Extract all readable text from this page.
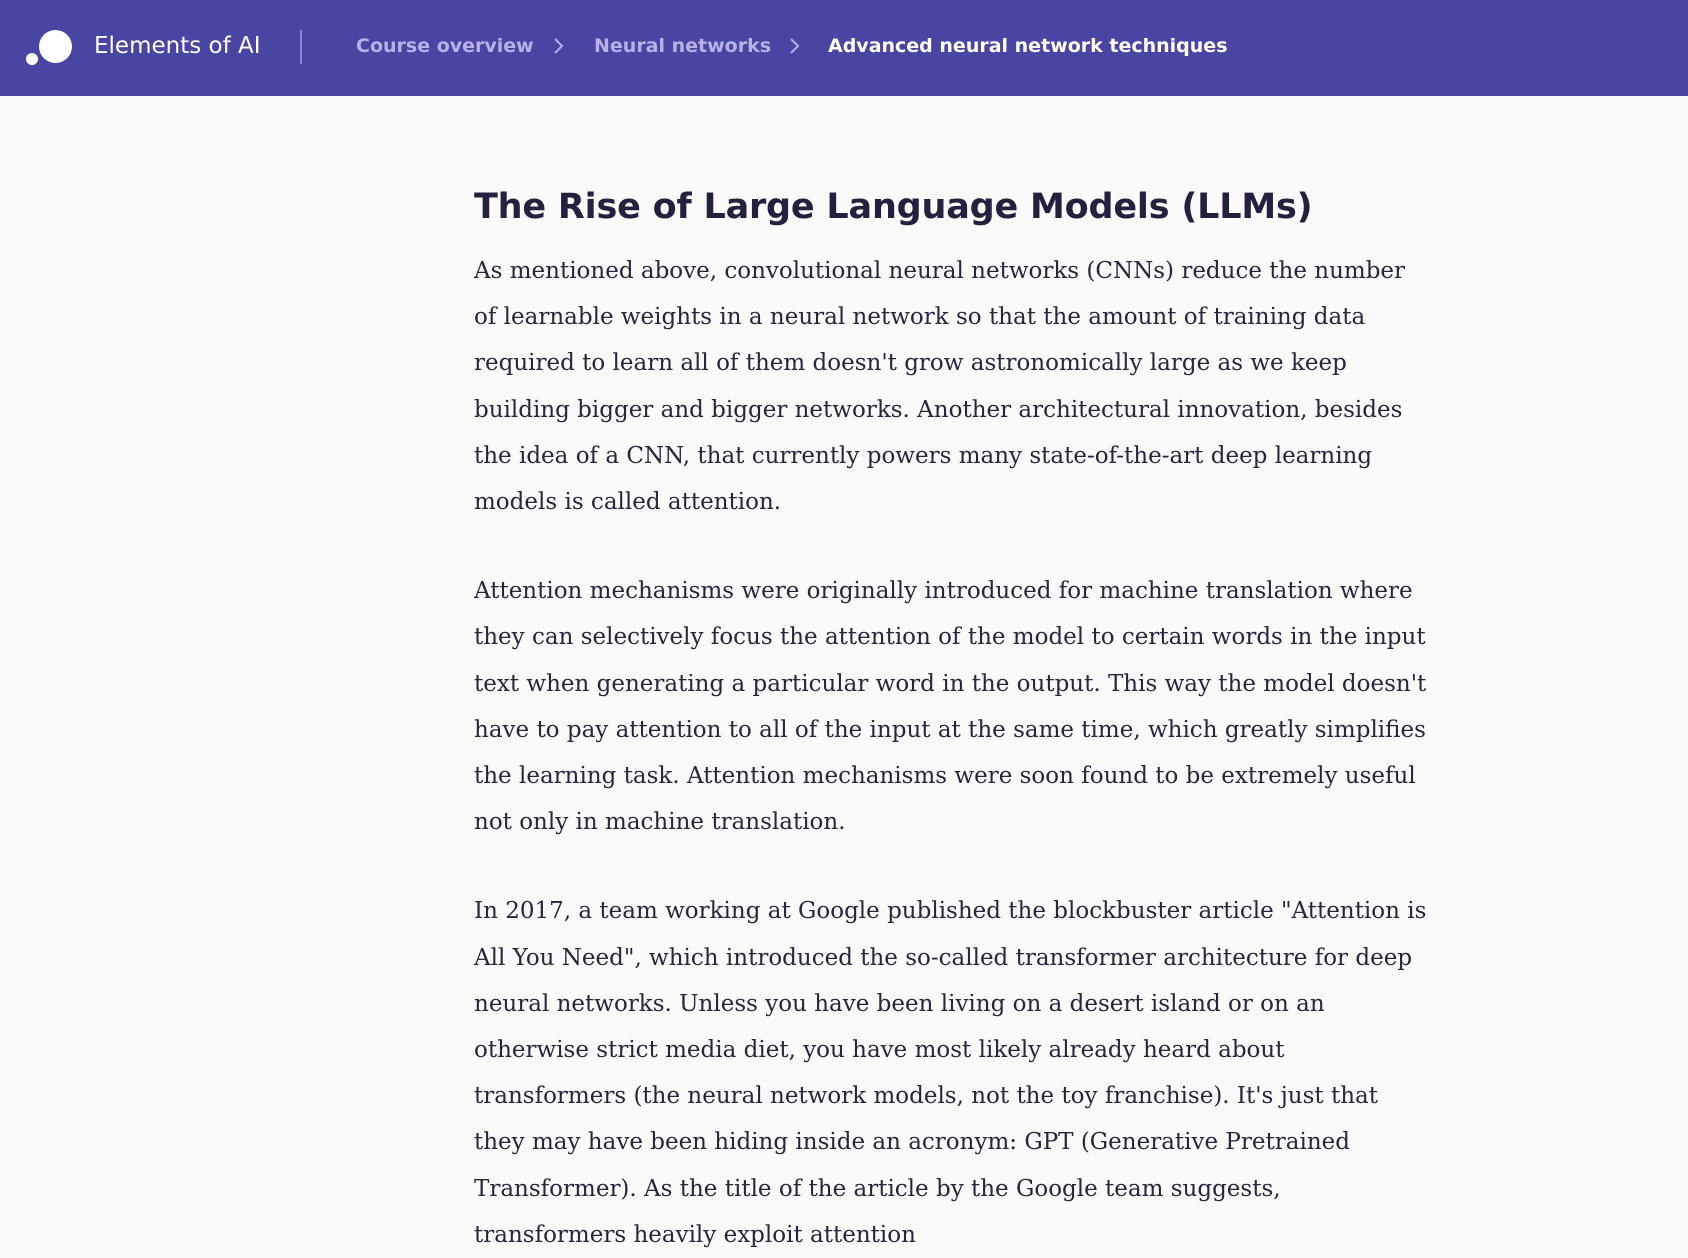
Elements of AI	Course overview	Neural networks	Advanced neural network techniques
The Rise of Large Language Models (LLMs)

As mentioned above, convolutional neural networks (CNNs) reduce the number of learnable weights in a neural network so that the amount of training data required to learn all of them doesn't grow astronomically large as we keep building bigger and bigger networks. Another architectural innovation, besides the idea of a CNN, that currently powers many state-of-the-art deep learning models is called attention.

Attention mechanisms were originally introduced for machine translation where they can selectively focus the attention of the model to certain words in the input text when generating a particular word in the output. This way the model doesn't have to pay attention to all of the input at the same time, which greatly simplifies the learning task. Attention mechanisms were soon found to be extremely useful not only in machine translation.

In 2017, a team working at Google published the blockbuster article "Attention is All You Need", which introduced the so-called transformer architecture for deep neural networks. Unless you have been living on a desert island or on an otherwise strict media diet, you have most likely already heard about transformers (the neural network models, not the toy franchise). It's just that they may have been hiding inside an acronym: GPT (Generative Pretrained Transformer). As the title of the article by the Google team suggests, transformers heavily exploit attention
